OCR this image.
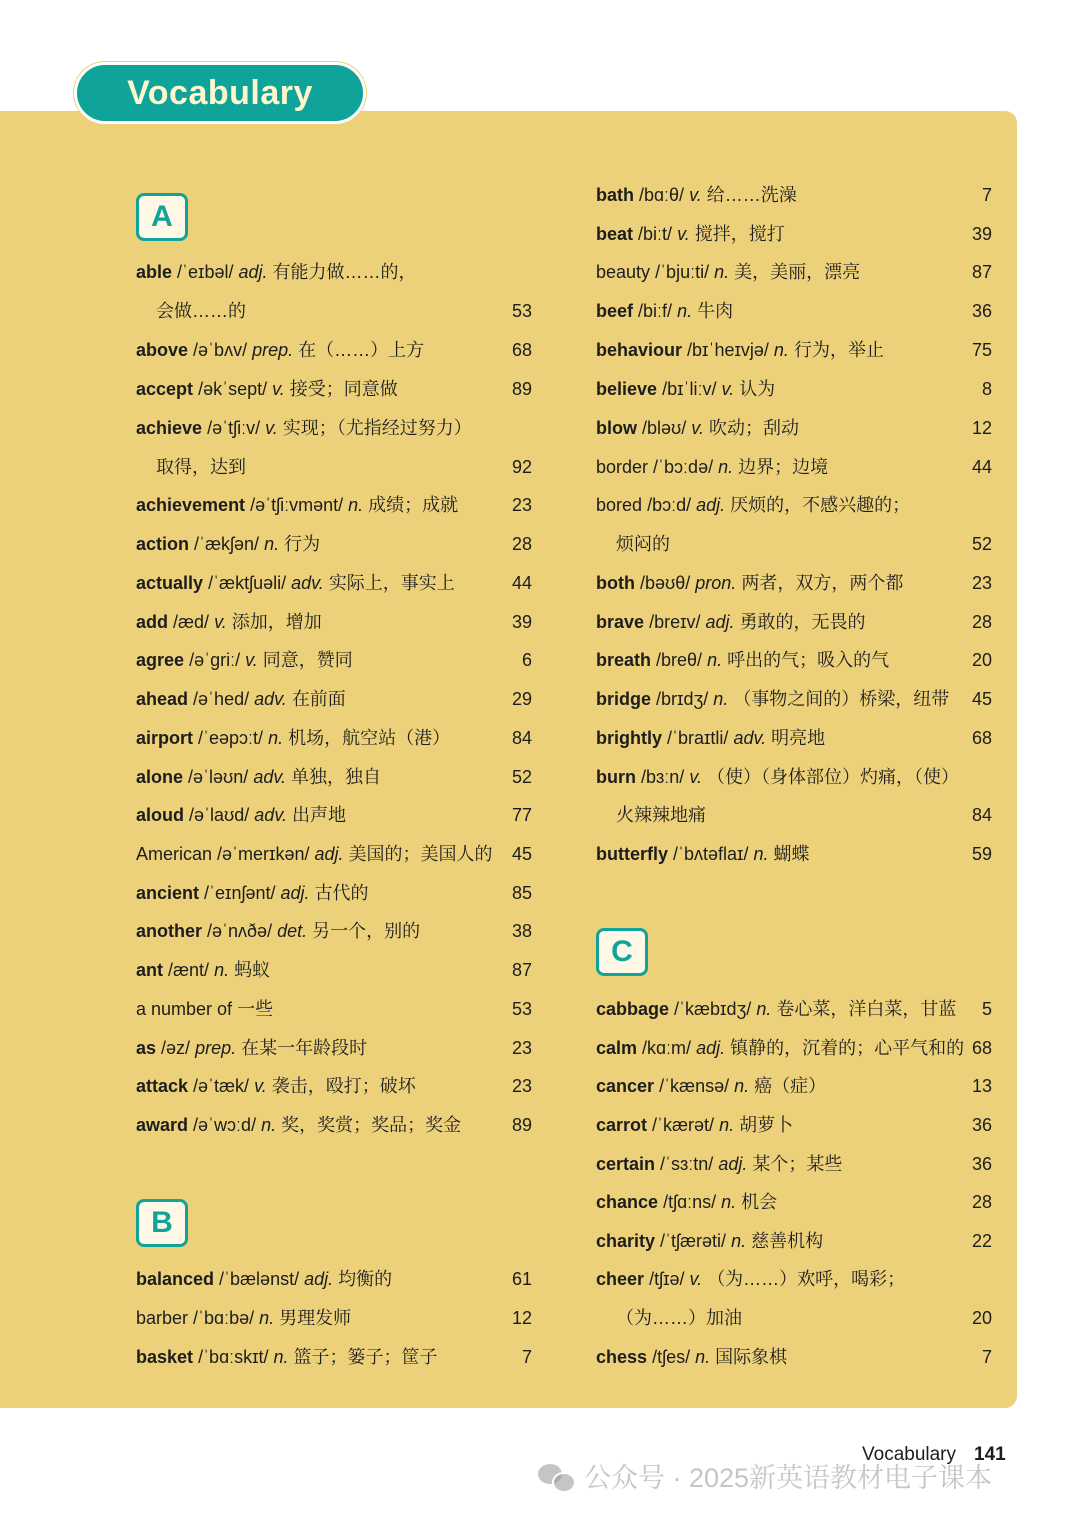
Vocabulary
A
B
C
able /ˈeɪbəl/ adj. 有能力做……的，
会做……的	53
above /əˈbʌv/ prep. 在（……）上方	68
accept /əkˈsept/ v. 接受；同意做	89
achieve /əˈtʃiːv/ v. 实现；（尤指经过努力）
取得，达到	92
achievement /əˈtʃiːvmənt/ n. 成绩；成就	23
action /ˈækʃən/ n. 行为	28
actually /ˈæktʃuəli/ adv. 实际上，事实上	44
add /æd/ v. 添加，增加	39
agree /əˈɡriː/ v. 同意，赞同	6
ahead /əˈhed/ adv. 在前面	29
airport /ˈeəpɔːt/ n. 机场，航空站（港）	84
alone /əˈləʊn/ adv. 单独，独自	52
aloud /əˈlaʊd/ adv. 出声地	77
American /əˈmerɪkən/ adj. 美国的；美国人的 45
ancient /ˈeɪnʃənt/ adj. 古代的	85
another /əˈnʌðə/ det. 另一个，别的	38
ant /ænt/ n. 蚂蚁	87
a number of 一些	53
as /əz/ prep. 在某一年龄段时	23
attack /əˈtæk/ v. 袭击，殴打；破坏	23
award /əˈwɔːd/ n. 奖，奖赏；奖品；奖金	89
balanced /ˈbælənst/ adj. 均衡的	61
barber /ˈbɑːbə/ n. 男理发师	12
basket /ˈbɑːskɪt/ n. 篮子；篓子；筐子	7
bath /bɑːθ/ v. 给……洗澡	7
beat /biːt/ v. 搅拌，搅打	39
beauty /ˈbjuːti/ n. 美，美丽，漂亮	87
beef /biːf/ n. 牛肉	36
behaviour /bɪˈheɪvjə/ n. 行为，举止	75
believe /bɪˈliːv/ v. 认为	8
blow /bləʊ/ v. 吹动；刮动	12
border /ˈbɔːdə/ n. 边界；边境	44
bored /bɔːd/ adj. 厌烦的，不感兴趣的；
烦闷的	52
both /bəʊθ/ pron. 两者，双方，两个都	23
brave /breɪv/ adj. 勇敢的，无畏的	28
breath /breθ/ n. 呼出的气；吸入的气	20
bridge /brɪdʒ/ n. （事物之间的）桥梁，纽带 45
brightly /ˈbraɪtli/ adv. 明亮地	68
burn /bɜːn/ v. （使）（身体部位）灼痛，（使）
火辣辣地痛	84
butterfly /ˈbʌtəflaɪ/ n. 蝴蝶	59
cabbage /ˈkæbɪdʒ/ n. 卷心菜，洋白菜，甘蓝 5
calm /kɑːm/ adj. 镇静的，沉着的；心平气和的 68
cancer /ˈkænsə/ n. 癌（症）	13
carrot /ˈkærət/ n. 胡萝卜	36
certain /ˈsɜːtn/ adj. 某个；某些	36
chance /tʃɑːns/ n. 机会	28
charity /ˈtʃærəti/ n. 慈善机构	22
cheer /tʃɪə/ v. （为……）欢呼，喝彩；
（为……）加油	20
chess /tʃes/ n. 国际象棋	7
Vocabulary 141
公众号 · 2025新英语教材电子课本
